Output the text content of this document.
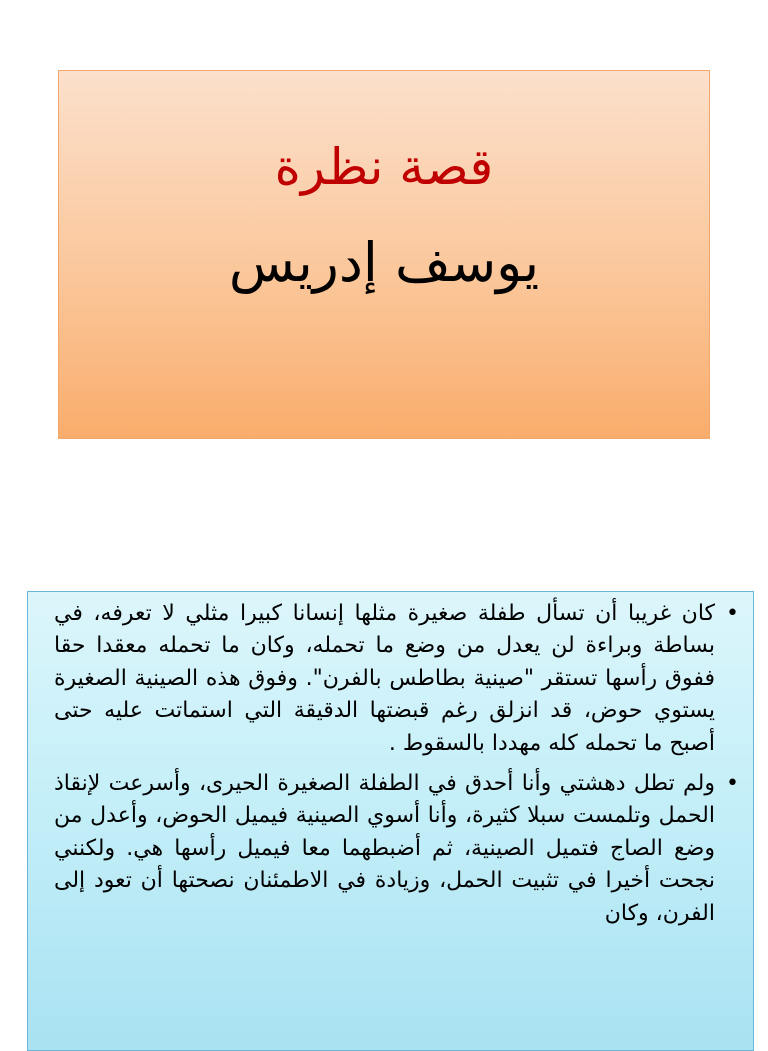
قصة نظرة
يوسف إدريس
•
كان غريبا أن تسأل طفلة صغيرة مثلها إنسانا كبيرا مثلي لا تعرفه، في بساطة وبراءة لن يعدل من وضع ما تحمله، وكان ما تحمله معقدا حقا ففوق رأسها تستقر "صينية بطاطس بالفرن". وفوق هذه الصينية الصغيرة يستوي حوض، قد انزلق رغم قبضتها الدقيقة التي استماتت عليه حتى أصبح ما تحمله كله مهددا بالسقوط .
•
ولم تطل دهشتي وأنا أحدق في الطفلة الصغيرة الحيرى، وأسرعت لإنقاذ الحمل وتلمست سبلا كثيرة، وأنا أسوي الصينية فيميل الحوض، وأعدل من وضع الصاج فتميل الصينية، ثم أضبطهما معا فيميل رأسها هي. ولكنني نجحت أخيرا في تثبيت الحمل، وزيادة في الاطمئنان نصحتها أن تعود إلى الفرن، وكان
